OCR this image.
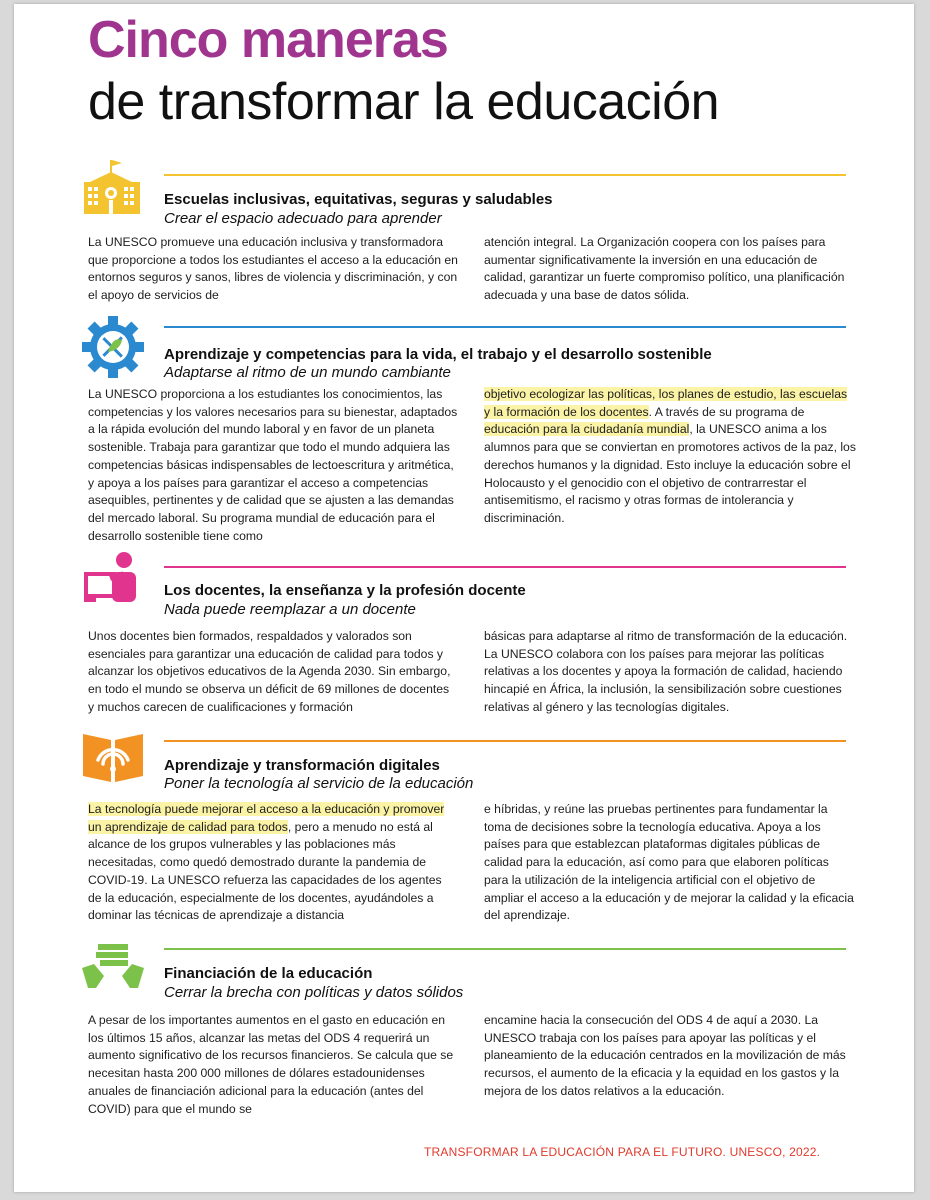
Cinco maneras
de transformar la educación
Escuelas inclusivas, equitativas, seguras y saludables
Crear el espacio adecuado para aprender
La UNESCO promueve una educación inclusiva y transformadora que proporcione a todos los estudiantes el acceso a la educación en entornos seguros y sanos, libres de violencia y discriminación, y con el apoyo de servicios de
atención integral. La Organización coopera con los países para aumentar significativamente la inversión en una educación de calidad, garantizar un fuerte compromiso político, una planificación adecuada y una base de datos sólida.
Aprendizaje y competencias para la vida, el trabajo y el desarrollo sostenible
Adaptarse al ritmo de un mundo cambiante
La UNESCO proporciona a los estudiantes los conocimientos, las competencias y los valores necesarios para su bienestar, adaptados a la rápida evolución del mundo laboral y en favor de un planeta sostenible. Trabaja para garantizar que todo el mundo adquiera las competencias básicas indispensables de lectoescritura y aritmética, y apoya a los países para garantizar el acceso a competencias asequibles, pertinentes y de calidad que se ajusten a las demandas del mercado laboral. Su programa mundial de educación para el desarrollo sostenible tiene como
objetivo ecologizar las políticas, los planes de estudio, las escuelas y la formación de los docentes. A través de su programa de educación para la ciudadanía mundial, la UNESCO anima a los alumnos para que se conviertan en promotores activos de la paz, los derechos humanos y la dignidad. Esto incluye la educación sobre el Holocausto y el genocidio con el objetivo de contrarrestar el antisemitismo, el racismo y otras formas de intolerancia y discriminación.
Los docentes, la enseñanza y la profesión docente
Nada puede reemplazar a un docente
Unos docentes bien formados, respaldados y valorados son esenciales para garantizar una educación de calidad para todos y alcanzar los objetivos educativos de la Agenda 2030. Sin embargo, en todo el mundo se observa un déficit de 69 millones de docentes y muchos carecen de cualificaciones y formación
básicas para adaptarse al ritmo de transformación de la educación. La UNESCO colabora con los países para mejorar las políticas relativas a los docentes y apoya la formación de calidad, haciendo hincapié en África, la inclusión, la sensibilización sobre cuestiones relativas al género y las tecnologías digitales.
Aprendizaje y transformación digitales
Poner la tecnología al servicio de la educación
La tecnología puede mejorar el acceso a la educación y promover un aprendizaje de calidad para todos, pero a menudo no está al alcance de los grupos vulnerables y las poblaciones más necesitadas, como quedó demostrado durante la pandemia de COVID-19. La UNESCO refuerza las capacidades de los agentes de la educación, especialmente de los docentes, ayudándoles a dominar las técnicas de aprendizaje a distancia
e híbridas, y reúne las pruebas pertinentes para fundamentar la toma de decisiones sobre la tecnología educativa. Apoya a los países para que establezcan plataformas digitales públicas de calidad para la educación, así como para que elaboren políticas para la utilización de la inteligencia artificial con el objetivo de ampliar el acceso a la educación y de mejorar la calidad y la eficacia del aprendizaje.
Financiación de la educación
Cerrar la brecha con políticas y datos sólidos
A pesar de los importantes aumentos en el gasto en educación en los últimos 15 años, alcanzar las metas del ODS 4 requerirá un aumento significativo de los recursos financieros. Se calcula que se necesitan hasta 200 000 millones de dólares estadounidenses anuales de financiación adicional para la educación (antes del COVID) para que el mundo se
encamine hacia la consecución del ODS 4 de aquí a 2030. La UNESCO trabaja con los países para apoyar las políticas y el planeamiento de la educación centrados en la movilización de más recursos, el aumento de la eficacia y la equidad en los gastos y la mejora de los datos relativos a la educación.
TRANSFORMAR LA EDUCACIÓN PARA EL FUTURO. UNESCO, 2022.
